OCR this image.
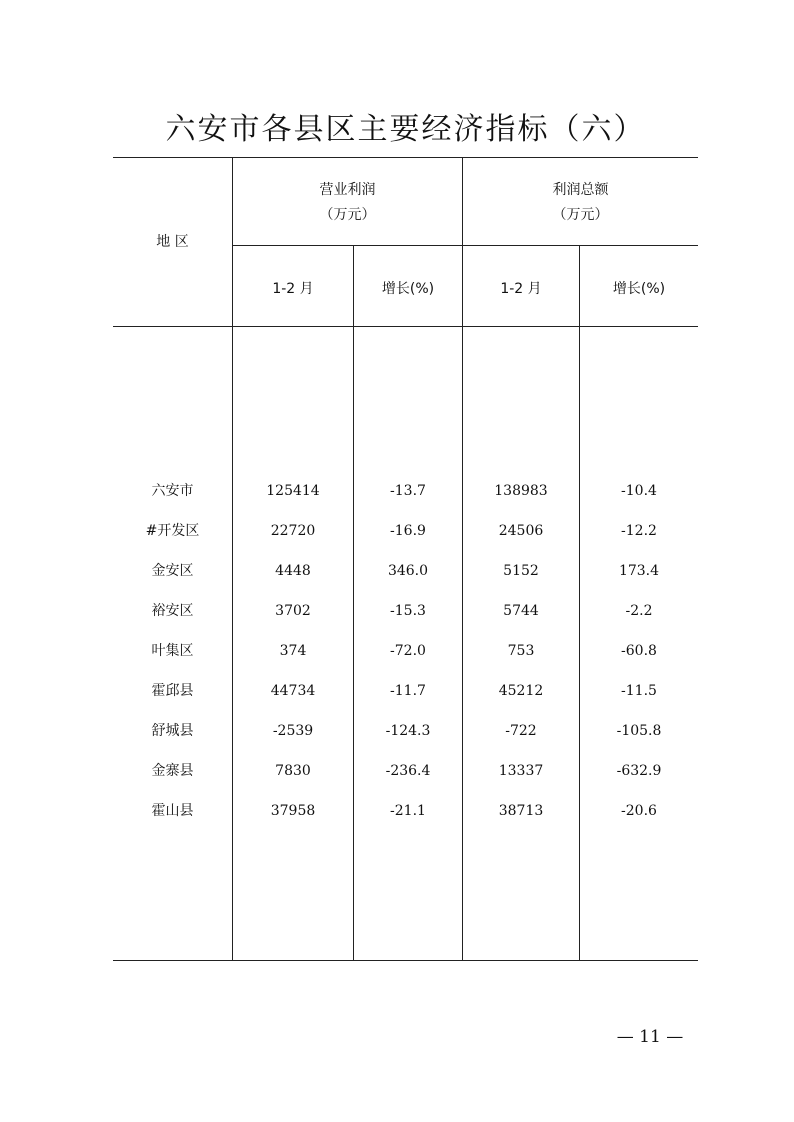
六安市各县区主要经济指标（六）
地 区
营业利润
（万元）
利润总额
（万元）
1-2 月	增长(%)	1-2 月	增长(%)
六安市	125414	-13.7	138983	-10.4
#开发区	22720	-16.9	24506	-12.2
金安区	4448	346.0	5152	173.4
裕安区	3702	-15.3	5744	-2.2
叶集区	374	-72.0	753	-60.8
霍邱县	44734	-11.7	45212	-11.5
舒城县	-2539	-124.3	-722	-105.8
金寨县	7830	-236.4	13337	-632.9
霍山县	37958	-21.1	38713	-20.6
— 11 —
